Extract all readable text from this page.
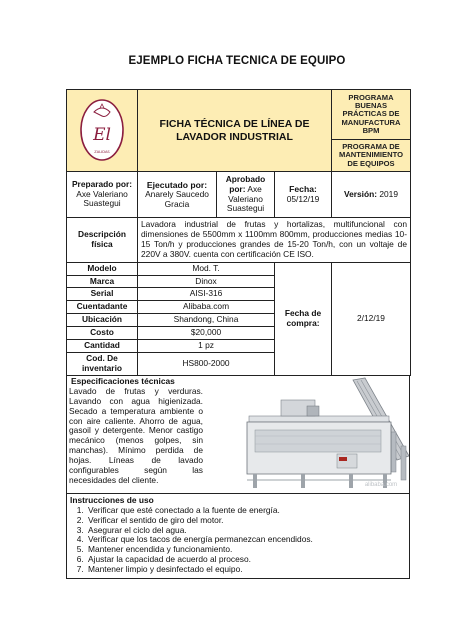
EJEMPLO FICHA TECNICA DE EQUIPO
El
ZALIDAS

FICHA TÉCNICA DE LÍNEA DE
LAVADOR INDUSTRIAL
	PROGRAMA BUENAS PRÁCTICAS DE MANUFACTURA BPM
PROGRAMA DE MANTENIMIENTO DE EQUIPOS
Preparado por:
Axe Valeriano Suastegui

Ejecutado por:
Anarely Saucedo Gracia
	Aprobado por: Axe Valeriano Suastegui	
Fecha:
05/12/19
	Versión: 2019
Descripción física	Lavadora industrial de frutas y hortalizas, multifuncional con dimensiones de 5500mm x 1100mm 800mm, producciones medias 10-15 Ton/h y producciones grandes de 15-20 Ton/h, con un voltaje de 220V a 380V. cuenta con certificación CE ISO.		
Modelo	Mod. T.	Fecha de compra:	2/12/19
Marca	Dinox		
Serial	AISI-316		
Cuentadante	Alibaba.com		
Ubicación	Shandong, China		
Costo	$20,000		
Cantidad	1 pz		
Cod. De inventario	HS800-2000		
Especificaciones técnicas
Lavado de frutas y verduras. Lavando con agua higienizada. Secado a temperatura ambiente o con aire caliente. Ahorro de agua, gasoil y detergente. Menor castigo mecánico (menos golpes, sin manchas). Mínimo perdida de hojas. Líneas de lavado configurables según las necesidades del cliente.	alibaba.com
Instrucciones de uso
1. Verificar que esté conectado a la fuente de energía.
2. Verificar el sentido de giro del motor.
3. Asegurar el ciclo del agua.
4. Verificar que los tacos de energía permanezcan encendidos.
5. Mantener encendida y funcionamiento.
6. Ajustar la capacidad de acuerdo al proceso.
7. Mantener limpio y desinfectado el equipo.
